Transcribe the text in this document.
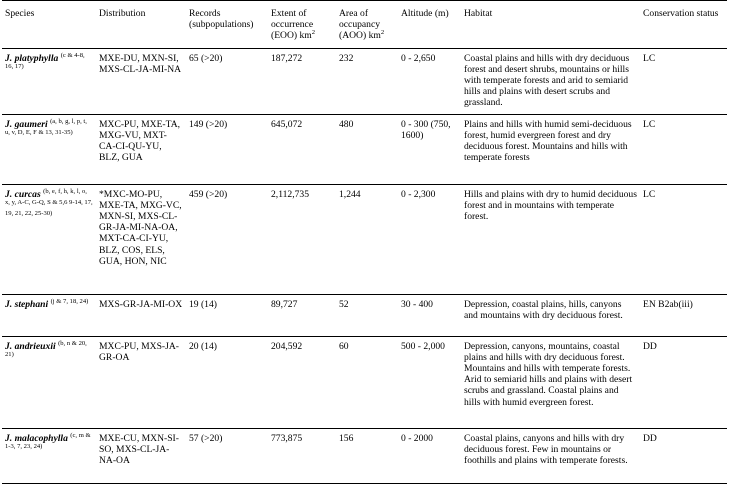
Species	Distribution	Records (subpopulations)	Extent of occurrence (EOO) $km^2$	Area of occupancy (AOO) $km^2$	Altitude (m)	Habitat	Conservation status
J. platyphylla $^{(c \& 4-8, 16, 17)}$	MXE-DU, MXN-SI, MXS-CL-JA-MI-NA	65 (>20)	187,272	232	0 - 2,650	Coastal plains and hills with dry deciduous forest and desert shrubs, mountains or hills with temperate forests and arid to semiarid hills and plains with desert scrubs and grassland.	LC
J. gaumeri $^{(a, b, g, l, p, t, u, v, D, E, F \& 13, 31-35)}$	MXC-PU, MXE-TA, MXG-VU, MXT-CA-CI-QU-YU, BLZ, GUA	149 (>20)	645,072	480	0 - 300 (750, 1600)	Plains and hills with humid semi-deciduous forest, humid evergreen forest and dry deciduous forest. Mountains and hills with temperate forests	LC
J. curcas $^{(b, e, f, h, k, l, o, x, y, A-C, G-Q, S \& 5,6 9-14, 17, 19, 21, 22, 25-30)}$	*MXC-MO-PU, MXE-TA, MXG-VC, MXN-SI, MXS-CL-GR-JA-MI-NA-OA, MXT-CA-CI-YU, BLZ, COS, ELS, GUA, HON, NIC	459 (>20)	2,112,735	1,244	0 - 2,300	Hills and plains with dry to humid deciduous forest and in mountains with temperate forest.	LC
J. stephani $^{(j \& 7, 18, 24)}$	MXS-GR-JA-MI-OX	19 (14)	89,727	52	30 - 400	Depression, coastal plains, hills, canyons and mountains with dry deciduous forest.	EN B2ab(iii)
J. andrieuxii $^{(b, n \& 20, 21)}$	MXC-PU, MXS-JA-GR-OA	20 (14)	204,592	60	500 - 2,000	Depression, canyons, mountains, coastal plains and hills with dry deciduous forest. Mountains and hills with temperate forests. Arid to semiarid hills and plains with desert scrubs and grassland. Coastal plains and hills with humid evergreen forest.	DD
J. malacophylla $^{(c, m \& 1-3, 7, 23, 24)}$	MXE-CU, MXN-SI-SO, MXS-CL-JA-NA-OA	57 (>20)	773,875	156	0 - 2000	Coastal plains, canyons and hills with dry deciduous forest. Few in mountains or foothills and plains with temperate forests.	DD
